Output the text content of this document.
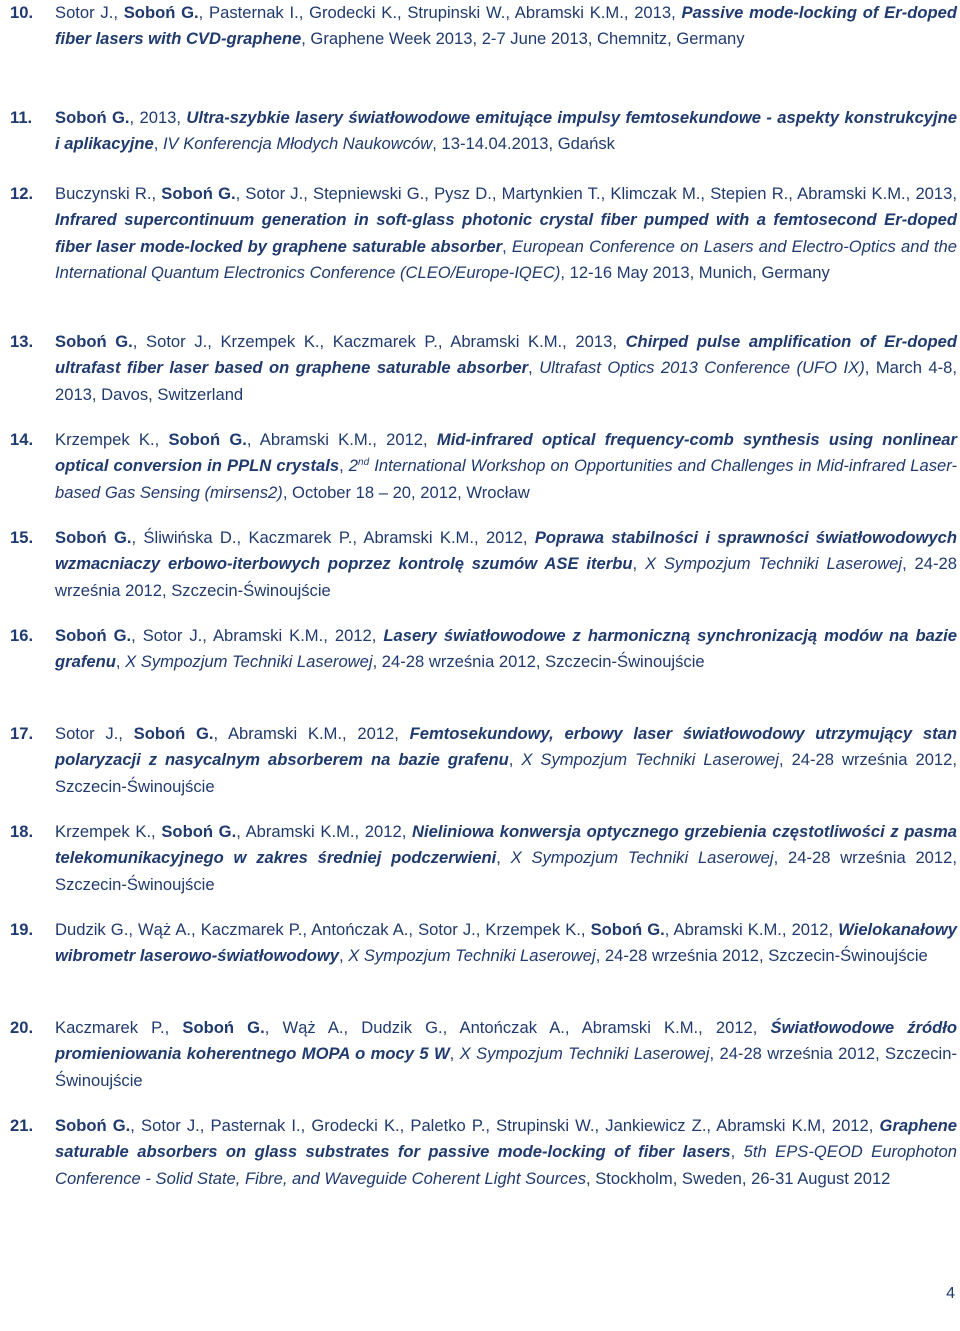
10. Sotor J., Soboń G., Pasternak I., Grodecki K., Strupinski W., Abramski K.M., 2013, Passive mode-locking of Er-doped fiber lasers with CVD-graphene, Graphene Week 2013, 2-7 June 2013, Chemnitz, Germany
11. Soboń G., 2013, Ultra-szybkie lasery światłowodowe emitujące impulsy femtosekundowe - aspekty konstrukcyjne i aplikacyjne, IV Konferencja Młodych Naukowców, 13-14.04.2013, Gdańsk
12. Buczynski R., Soboń G., Sotor J., Stepniewski G., Pysz D., Martynkien T., Klimczak M., Stepien R., Abramski K.M., 2013, Infrared supercontinuum generation in soft-glass photonic crystal fiber pumped with a femtosecond Er-doped fiber laser mode-locked by graphene saturable absorber, European Conference on Lasers and Electro-Optics and the International Quantum Electronics Conference (CLEO/Europe-IQEC), 12-16 May 2013, Munich, Germany
13. Soboń G., Sotor J., Krzempek K., Kaczmarek P., Abramski K.M., 2013, Chirped pulse amplification of Er-doped ultrafast fiber laser based on graphene saturable absorber, Ultrafast Optics 2013 Conference (UFO IX), March 4-8, 2013, Davos, Switzerland
14. Krzempek K., Soboń G., Abramski K.M., 2012, Mid-infrared optical frequency-comb synthesis using nonlinear optical conversion in PPLN crystals, 2nd International Workshop on Opportunities and Challenges in Mid-infrared Laser-based Gas Sensing (mirsens2), October 18 – 20, 2012, Wrocław
15. Soboń G., Śliwińska D., Kaczmarek P., Abramski K.M., 2012, Poprawa stabilności i sprawności światłowodowych wzmacniaczy erbowo-iterbowych poprzez kontrolę szumów ASE iterbu, X Sympozjum Techniki Laserowej, 24-28 września 2012, Szczecin-Świnoujście
16. Soboń G., Sotor J., Abramski K.M., 2012, Lasery światłowodowe z harmoniczną synchronizacją modów na bazie grafenu, X Sympozjum Techniki Laserowej, 24-28 września 2012, Szczecin-Świnoujście
17. Sotor J., Soboń G., Abramski K.M., 2012, Femtosekundowy, erbowy laser światłowodowy utrzymujący stan polaryzacji z nasycalnym absorberem na bazie grafenu, X Sympozjum Techniki Laserowej, 24-28 września 2012, Szczecin-Świnoujście
18. Krzempek K., Soboń G., Abramski K.M., 2012, Nieliniowa konwersja optycznego grzebienia częstotliwości z pasma telekomunikacyjnego w zakres średniej podczerwieni, X Sympozjum Techniki Laserowej, 24-28 września 2012, Szczecin-Świnoujście
19. Dudzik G., Wąż A., Kaczmarek P., Antończak A., Sotor J., Krzempek K., Soboń G., Abramski K.M., 2012, Wielokanałowy wibrometr laserowo-światłowodowy, X Sympozjum Techniki Laserowej, 24-28 września 2012, Szczecin-Świnoujście
20. Kaczmarek P., Soboń G., Wąż A., Dudzik G., Antończak A., Abramski K.M., 2012, Światłowodowe źródło promieniowania koherentnego MOPA o mocy 5 W, X Sympozjum Techniki Laserowej, 24-28 września 2012, Szczecin-Świnoujście
21. Soboń G., Sotor J., Pasternak I., Grodecki K., Paletko P., Strupinski W., Jankiewicz Z., Abramski K.M, 2012, Graphene saturable absorbers on glass substrates for passive mode-locking of fiber lasers, 5th EPS-QEOD Europhoton Conference - Solid State, Fibre, and Waveguide Coherent Light Sources, Stockholm, Sweden, 26-31 August 2012
4
